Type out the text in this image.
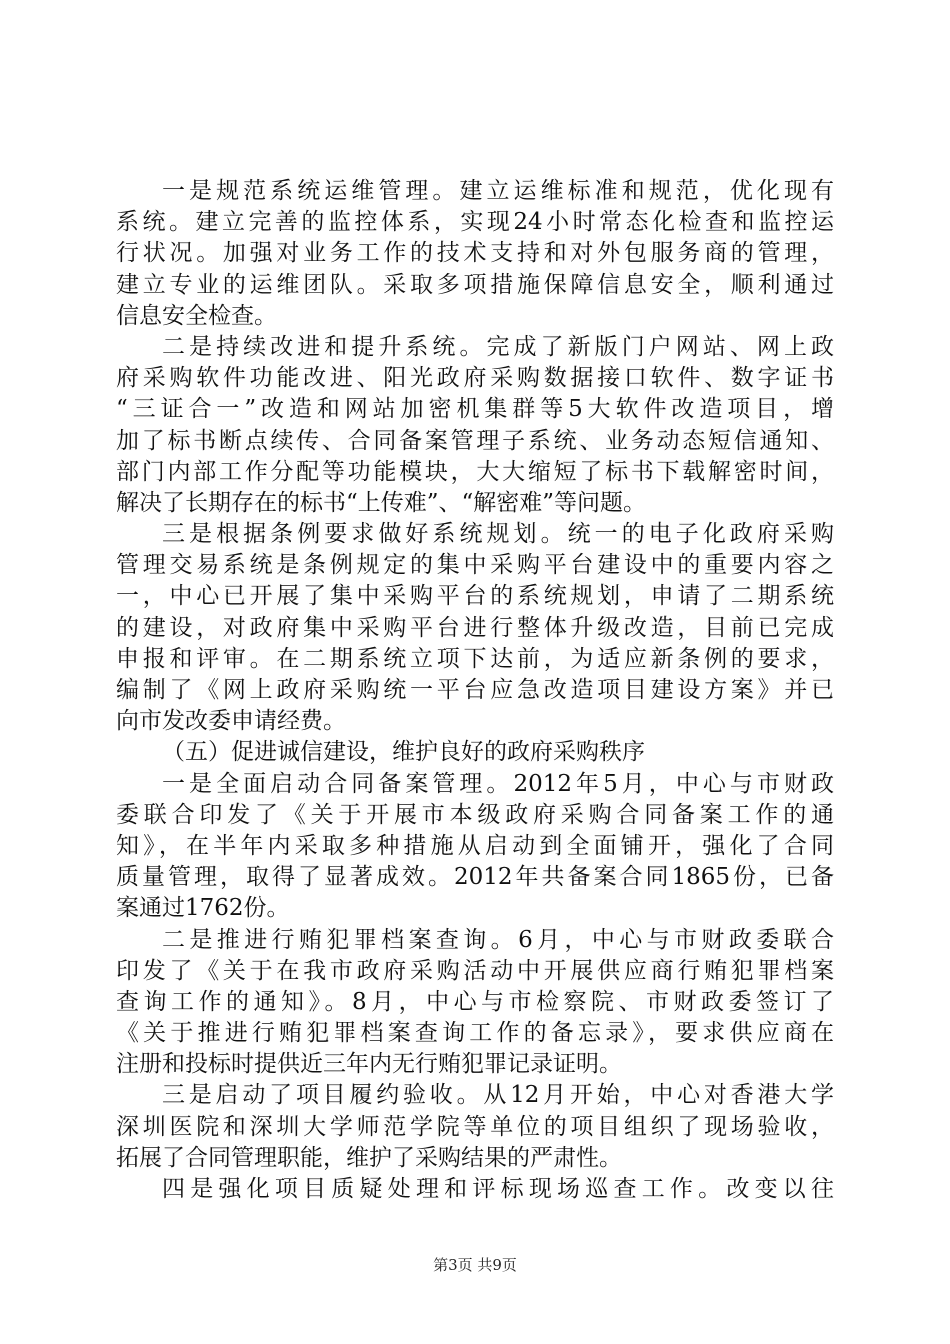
一是规范系统运维管理。建立运维标准和规范，优化现有
系统。建立完善的监控体系，实现24小时常态化检查和监控运
行状况。加强对业务工作的技术支持和对外包服务商的管理，
建立专业的运维团队。采取多项措施保障信息安全，顺利通过
信息安全检查。
二是持续改进和提升系统。完成了新版门户网站、网上政
府采购软件功能改进、阳光政府采购数据接口软件、数字证书
“三证合一”改造和网站加密机集群等5大软件改造项目，增
加了标书断点续传、合同备案管理子系统、业务动态短信通知、
部门内部工作分配等功能模块，大大缩短了标书下载解密时间，
解决了长期存在的标书“上传难”、“解密难”等问题。
三是根据条例要求做好系统规划。统一的电子化政府采购
管理交易系统是条例规定的集中采购平台建设中的重要内容之
一，中心已开展了集中采购平台的系统规划，申请了二期系统
的建设，对政府集中采购平台进行整体升级改造，目前已完成
申报和评审。在二期系统立项下达前，为适应新条例的要求，
编制了《网上政府采购统一平台应急改造项目建设方案》并已
向市发改委申请经费。
（五）促进诚信建设，维护良好的政府采购秩序
一是全面启动合同备案管理。2012年5月，中心与市财政
委联合印发了《关于开展市本级政府采购合同备案工作的通
知》，在半年内采取多种措施从启动到全面铺开，强化了合同
质量管理，取得了显著成效。2012年共备案合同1865份，已备
案通过1762份。
二是推进行贿犯罪档案查询。6月，中心与市财政委联合
印发了《关于在我市政府采购活动中开展供应商行贿犯罪档案
查询工作的通知》。8月，中心与市检察院、市财政委签订了
《关于推进行贿犯罪档案查询工作的备忘录》，要求供应商在
注册和投标时提供近三年内无行贿犯罪记录证明。
三是启动了项目履约验收。从12月开始，中心对香港大学
深圳医院和深圳大学师范学院等单位的项目组织了现场验收，
拓展了合同管理职能，维护了采购结果的严肃性。
四是强化项目质疑处理和评标现场巡查工作。改变以往
第3页 共9页
